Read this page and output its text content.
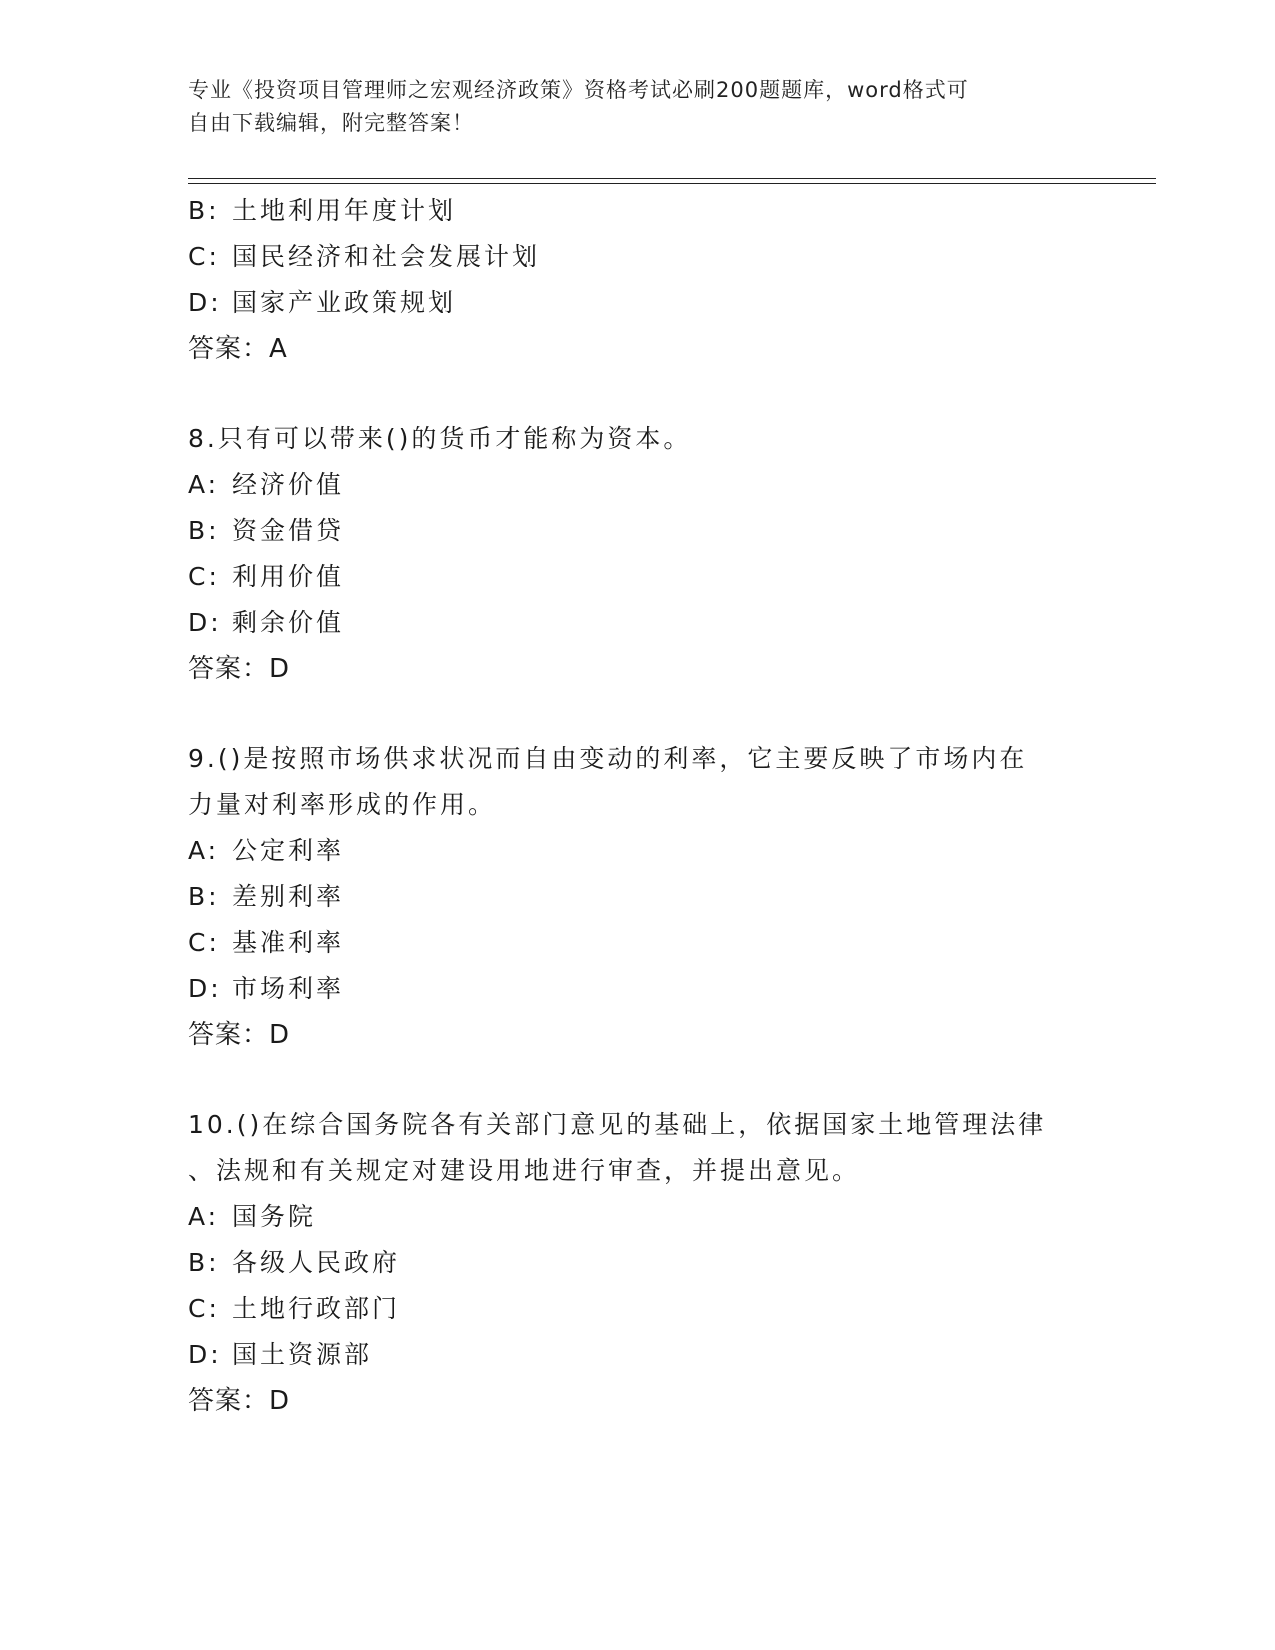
专业《投资项目管理师之宏观经济政策》资格考试必刷200题题库，word格式可
自由下载编辑，附完整答案！
B: 土地利用年度计划
C: 国民经济和社会发展计划
D: 国家产业政策规划
答案：A
8.只有可以带来()的货币才能称为资本。
A: 经济价值
B: 资金借贷
C: 利用价值
D: 剩余价值
答案：D
9.()是按照市场供求状况而自由变动的利率，它主要反映了市场内在
力量对利率形成的作用。
A: 公定利率
B: 差别利率
C: 基准利率
D: 市场利率
答案：D
10.()在综合国务院各有关部门意见的基础上，依据国家土地管理法律
、法规和有关规定对建设用地进行审查，并提出意见。
A: 国务院
B: 各级人民政府
C: 土地行政部门
D: 国土资源部
答案：D
